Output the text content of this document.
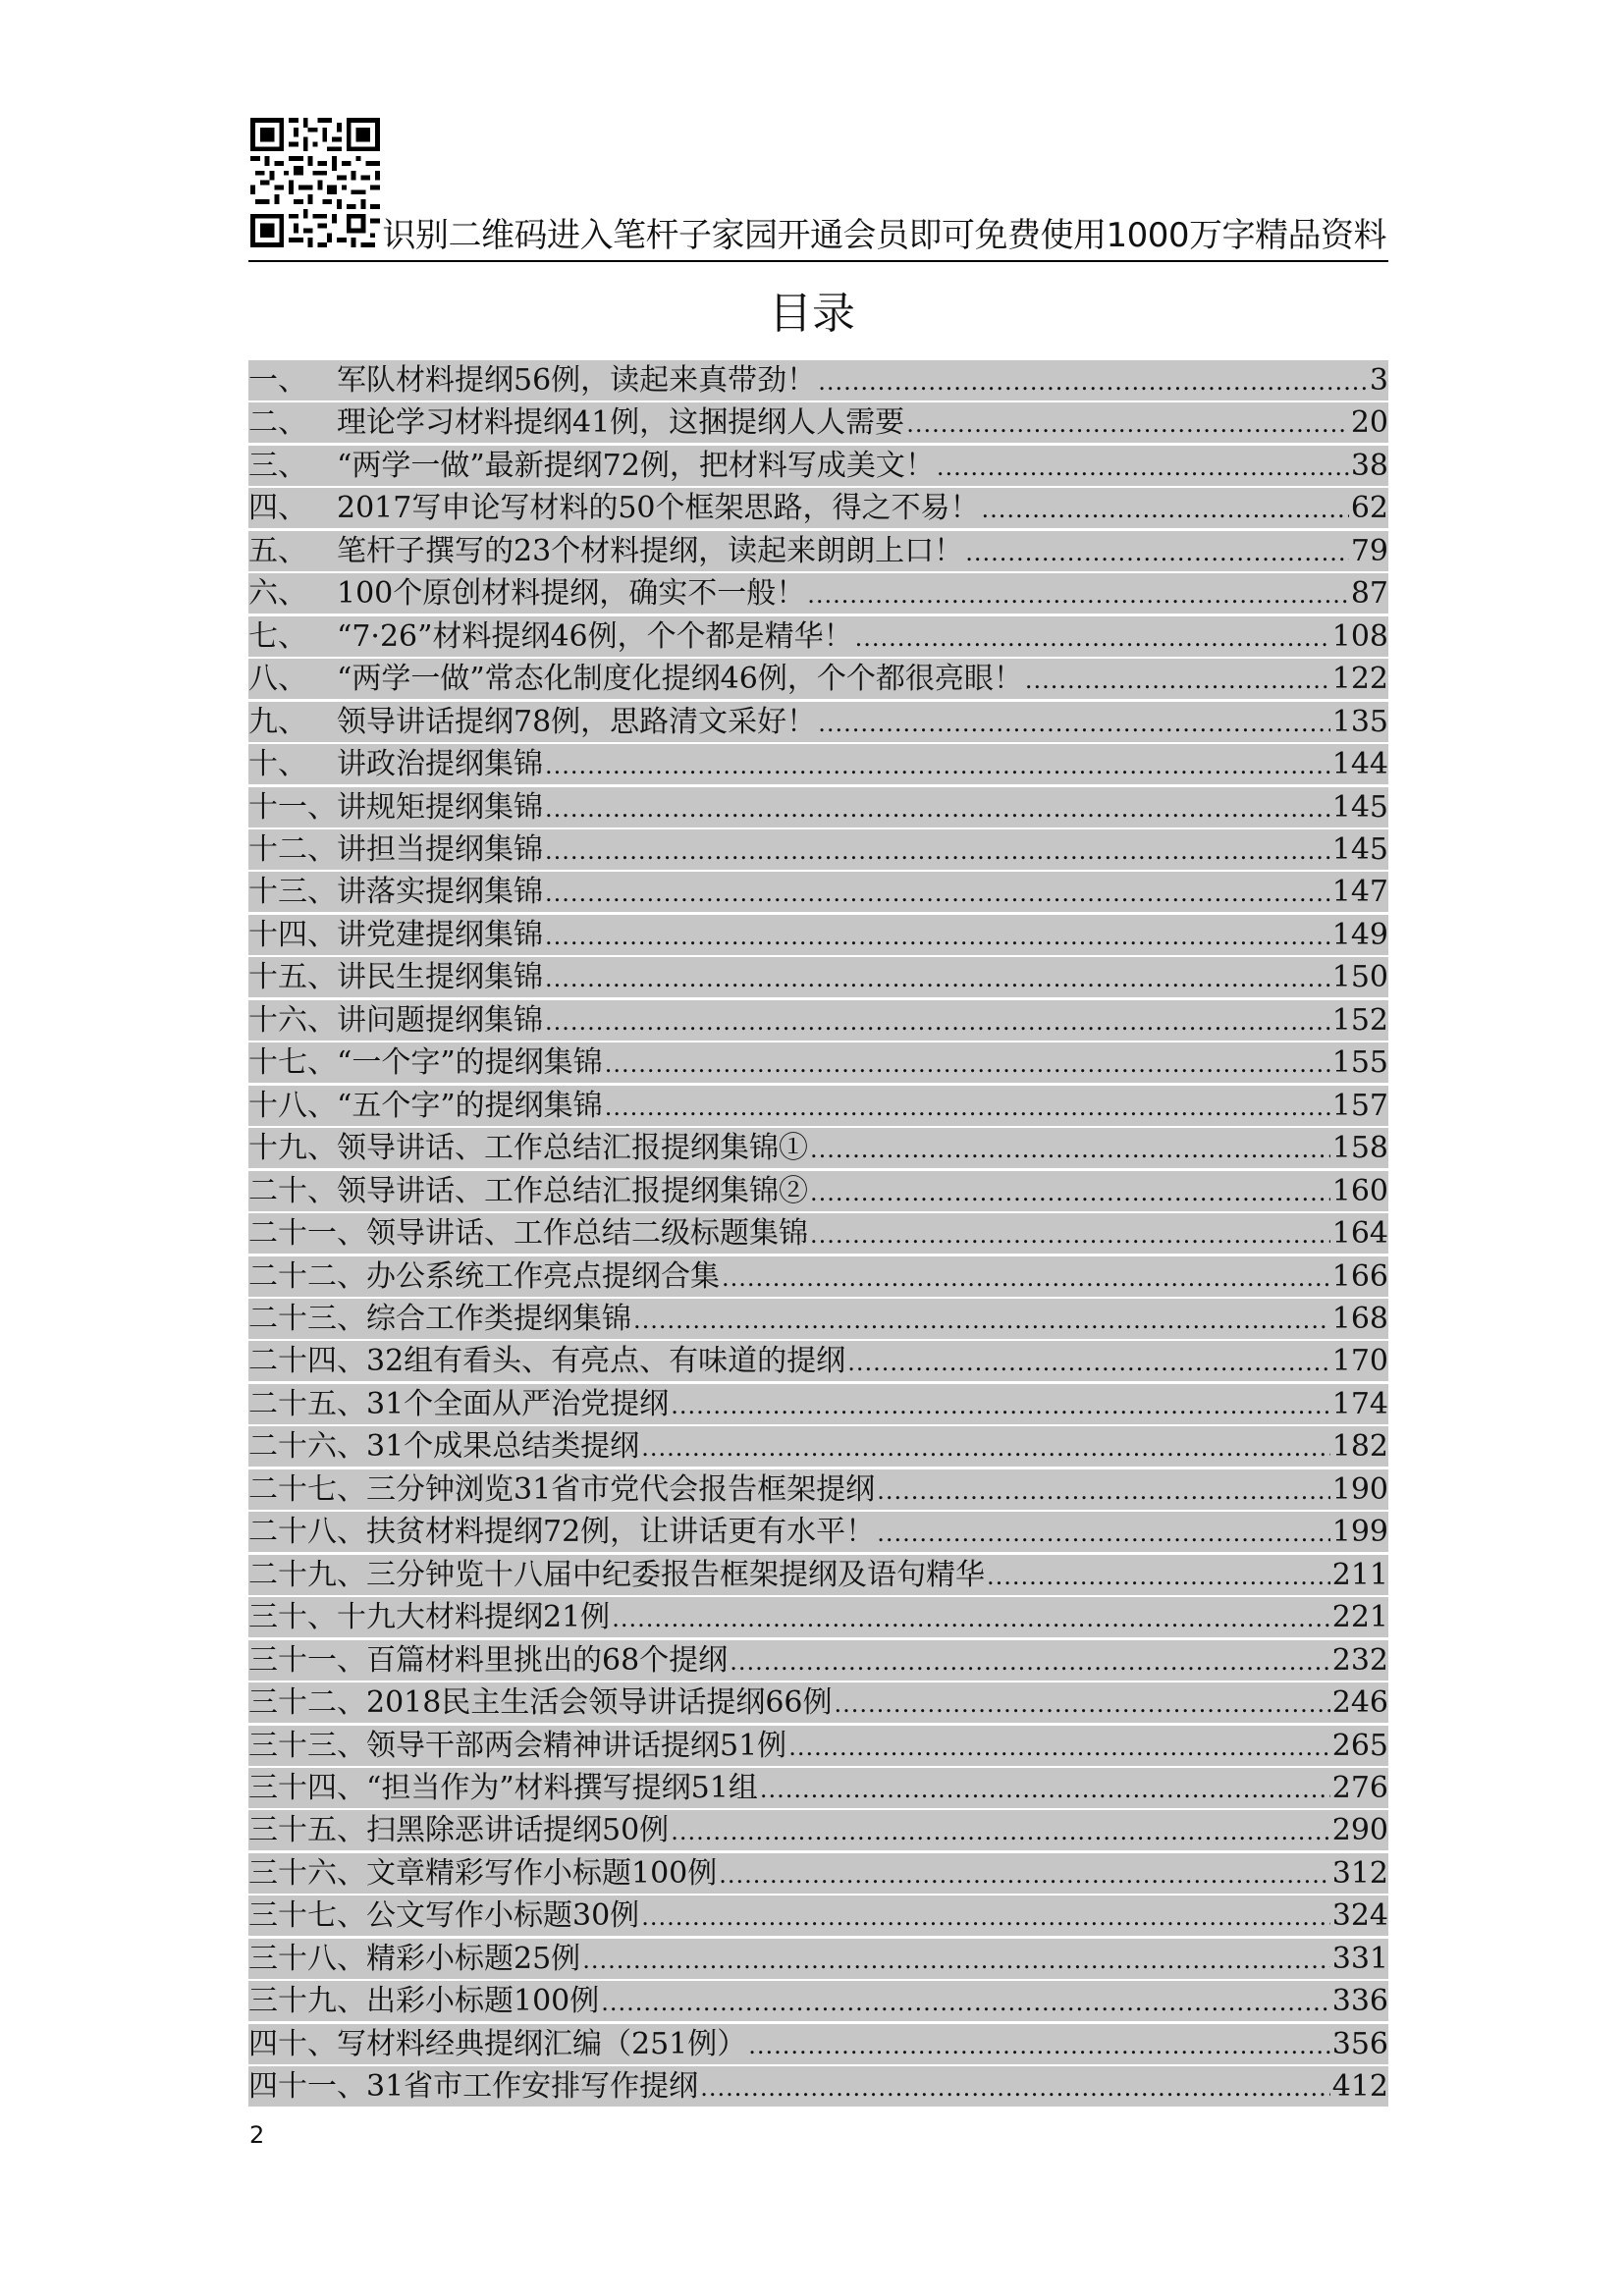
识别二维码进入笔杆子家园开通会员即可免费使用1000万字精品资料
目录
一、	军队材料提纲56例，读起来真带劲！ .....	3
二、	理论学习材料提纲41例，这捆提纲人人需要 .....	20
三、	“两学一做”最新提纲72例，把材料写成美文！ .....	38
四、	2017写申论写材料的50个框架思路，得之不易！ .....	62
五、	笔杆子撰写的23个材料提纲，读起来朗朗上口！ .....	79
六、	100个原创材料提纲，确实不一般！ .....	87
七、	“7·26”材料提纲46例，个个都是精华！ .....	108
八、	“两学一做”常态化制度化提纲46例，个个都很亮眼！ .....	122
九、	领导讲话提纲78例，思路清文采好！ .....	135
十、	讲政治提纲集锦 .....	144
十一、 讲规矩提纲集锦 .....	145
十二、 讲担当提纲集锦 .....	145
十三、 讲落实提纲集锦 .....	147
十四、 讲党建提纲集锦 .....	149
十五、 讲民生提纲集锦 .....	150
十六、 讲问题提纲集锦 .....	152
十七、 “一个字”的提纲集锦 .....	155
十八、 “五个字”的提纲集锦 .....	157
十九、 领导讲话、工作总结汇报提纲集锦① .....	158
二十、 领导讲话、工作总结汇报提纲集锦② .....	160
二十一、 领导讲话、工作总结二级标题集锦 .....	164
二十二、 办公系统工作亮点提纲合集 .....	166
二十三、 综合工作类提纲集锦 .....	168
二十四、 32组有看头、有亮点、有味道的提纲 .....	170
二十五、 31个全面从严治党提纲 .....	174
二十六、 31个成果总结类提纲 .....	182
二十七、 三分钟浏览31省市党代会报告框架提纲 .....	190
二十八、 扶贫材料提纲72例，让讲话更有水平！ .....	199
二十九、 三分钟览十八届中纪委报告框架提纲及语句精华 .....	211
三十、 十九大材料提纲21例 .....	221
三十一、 百篇材料里挑出的68个提纲 .....	232
三十二、 2018民主生活会领导讲话提纲66例 .....	246
三十三、 领导干部两会精神讲话提纲51例 .....	265
三十四、 “担当作为”材料撰写提纲51组 .....	276
三十五、 扫黑除恶讲话提纲50例 .....	290
三十六、 文章精彩写作小标题100例 .....	312
三十七、 公文写作小标题30例 .....	324
三十八、 精彩小标题25例 .....	331
三十九、 出彩小标题100例 .....	336
四十、 写材料经典提纲汇编（251例） .....	356
四十一、 31省市工作安排写作提纲 .....	412
2
